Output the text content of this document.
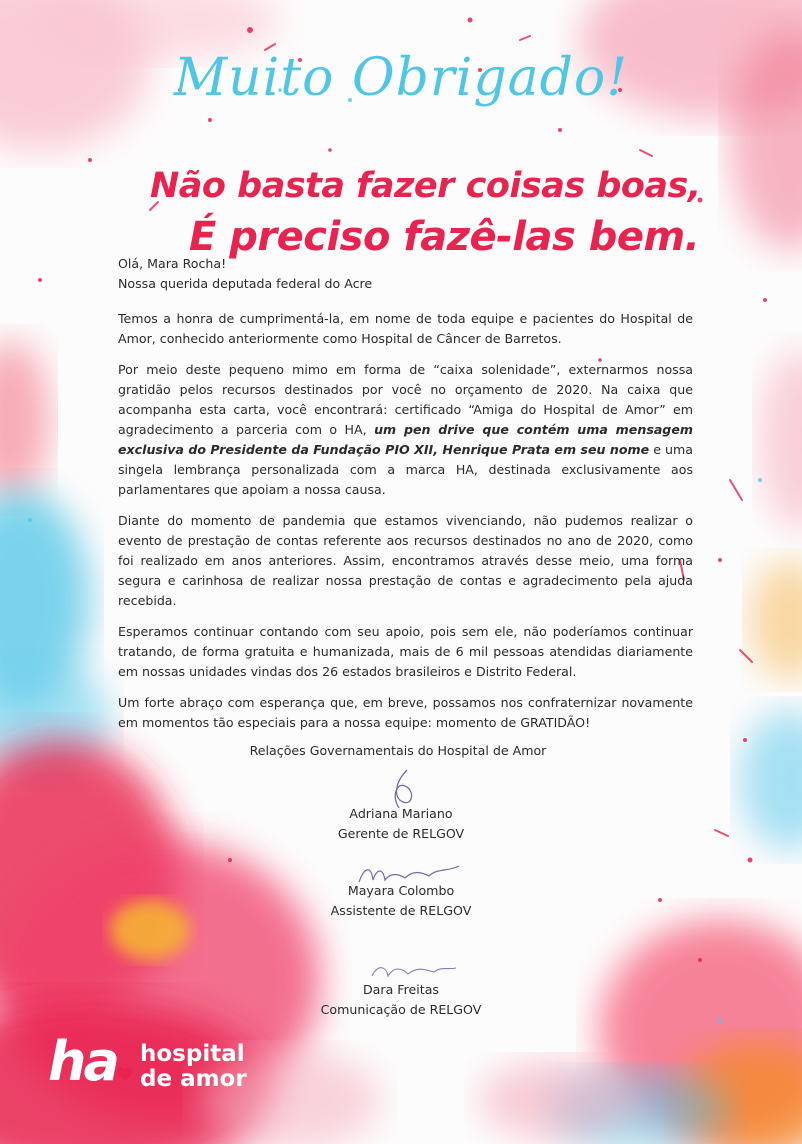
Muito Obrigado!
Não basta fazer coisas boas,
É preciso fazê-las bem.

Olá, Mara Rocha!
Nossa querida deputada federal do Acre

Temos a honra de cumprimentá-la, em nome de toda equipe e pacientes do Hospital de Amor, conhecido anteriormente como Hospital de Câncer de Barretos.

Por meio deste pequeno mimo em forma de “caixa solenidade”, externarmos nossa gratidão pelos recursos destinados por você no orçamento de 2020. Na caixa que acompanha esta carta, você encontrará: certificado “Amiga do Hospital de Amor” em agradecimento a parceria com o HA, um pen drive que contém uma mensagem exclusiva do Presidente da Fundação PIO XII, Henrique Prata em seu nome e uma singela lembrança personalizada com a marca HA, destinada exclusivamente aos parlamentares que apoiam a nossa causa.

Diante do momento de pandemia que estamos vivenciando, não pudemos realizar o evento de prestação de contas referente aos recursos destinados no ano de 2020, como foi realizado em anos anteriores. Assim, encontramos através desse meio, uma forma segura e carinhosa de realizar nossa prestação de contas e agradecimento pela ajuda recebida.

Esperamos continuar contando com seu apoio, pois sem ele, não poderíamos continuar tratando, de forma gratuita e humanizada, mais de 6 mil pessoas atendidas diariamente em nossas unidades vindas dos 26 estados brasileiros e Distrito Federal.

Um forte abraço com esperança que, em breve, possamos nos confraternizar novamente em momentos tão especiais para a nossa equipe: momento de GRATIDÃO!

Relações Governamentais do Hospital de Amor
Adriana Mariano
Gerente de RELGOV
Mayara Colombo
Assistente de RELGOV
Dara Freitas
Comunicação de RELGOV
ha hospital
de amor
